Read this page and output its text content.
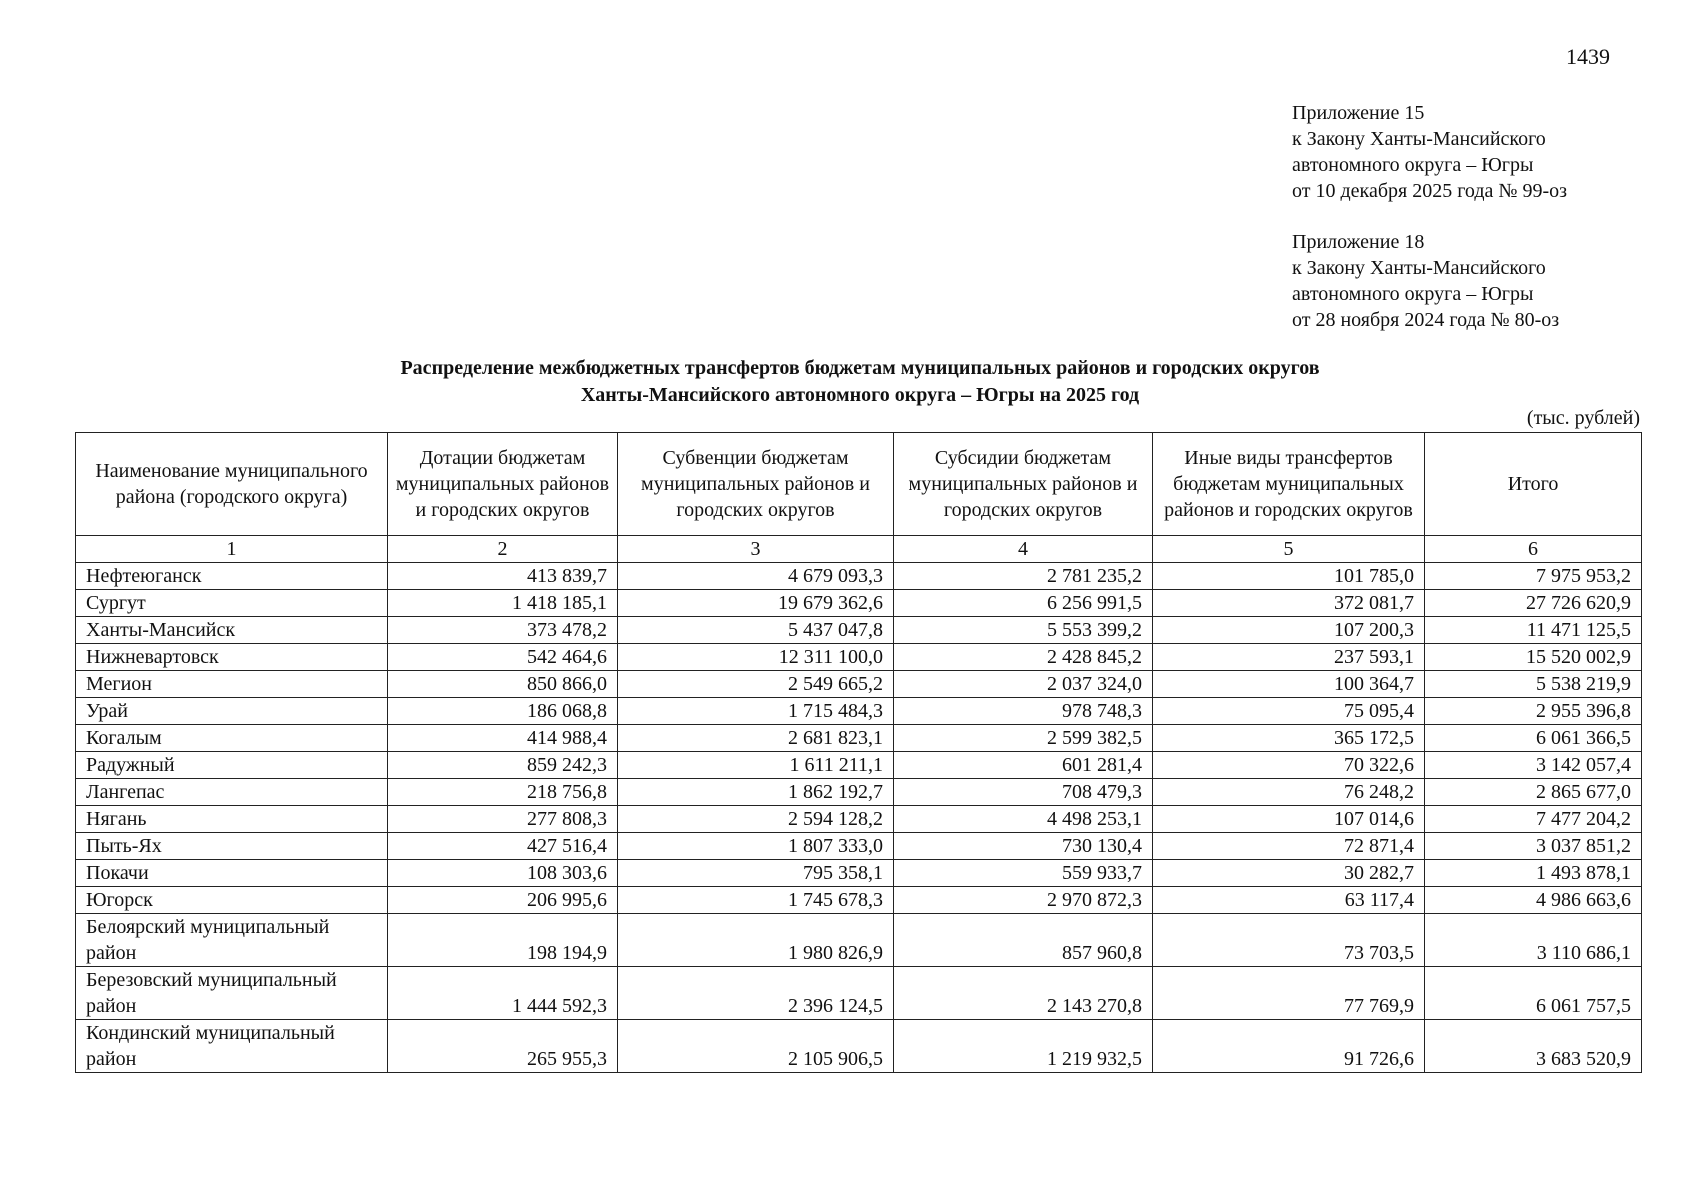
1439
Приложение 15
к Закону Ханты-Мансийского
автономного округа – Югры
от 10 декабря 2025 года № 99-оз
Приложение 18
к Закону Ханты-Мансийского
автономного округа – Югры
от 28 ноября 2024 года № 80-оз
Распределение межбюджетных трансфертов бюджетам муниципальных районов и городских округов
Ханты-Мансийского автономного округа – Югры на 2025 год
(тыс. рублей)
Наименование муниципального района (городского округа)	Дотации бюджетам муниципальных районов и городских округов	Субвенции бюджетам муниципальных районов и городских округов	Субсидии бюджетам муниципальных районов и городских округов	Иные виды трансфертов бюджетам муниципальных районов и городских округов	Итого
1	2	3	4	5	6
Нефтеюганск	413 839,7	4 679 093,3	2 781 235,2	101 785,0	7 975 953,2
Сургут	1 418 185,1	19 679 362,6	6 256 991,5	372 081,7	27 726 620,9
Ханты-Мансийск	373 478,2	5 437 047,8	5 553 399,2	107 200,3	11 471 125,5
Нижневартовск	542 464,6	12 311 100,0	2 428 845,2	237 593,1	15 520 002,9
Мегион	850 866,0	2 549 665,2	2 037 324,0	100 364,7	5 538 219,9
Урай	186 068,8	1 715 484,3	978 748,3	75 095,4	2 955 396,8
Когалым	414 988,4	2 681 823,1	2 599 382,5	365 172,5	6 061 366,5
Радужный	859 242,3	1 611 211,1	601 281,4	70 322,6	3 142 057,4
Лангепас	218 756,8	1 862 192,7	708 479,3	76 248,2	2 865 677,0
Нягань	277 808,3	2 594 128,2	4 498 253,1	107 014,6	7 477 204,2
Пыть-Ях	427 516,4	1 807 333,0	730 130,4	72 871,4	3 037 851,2
Покачи	108 303,6	795 358,1	559 933,7	30 282,7	1 493 878,1
Югорск	206 995,6	1 745 678,3	2 970 872,3	63 117,4	4 986 663,6
Белоярский муниципальный район	198 194,9	1 980 826,9	857 960,8	73 703,5	3 110 686,1
Березовский муниципальный район	1 444 592,3	2 396 124,5	2 143 270,8	77 769,9	6 061 757,5
Кондинский муниципальный район	265 955,3	2 105 906,5	1 219 932,5	91 726,6	3 683 520,9
